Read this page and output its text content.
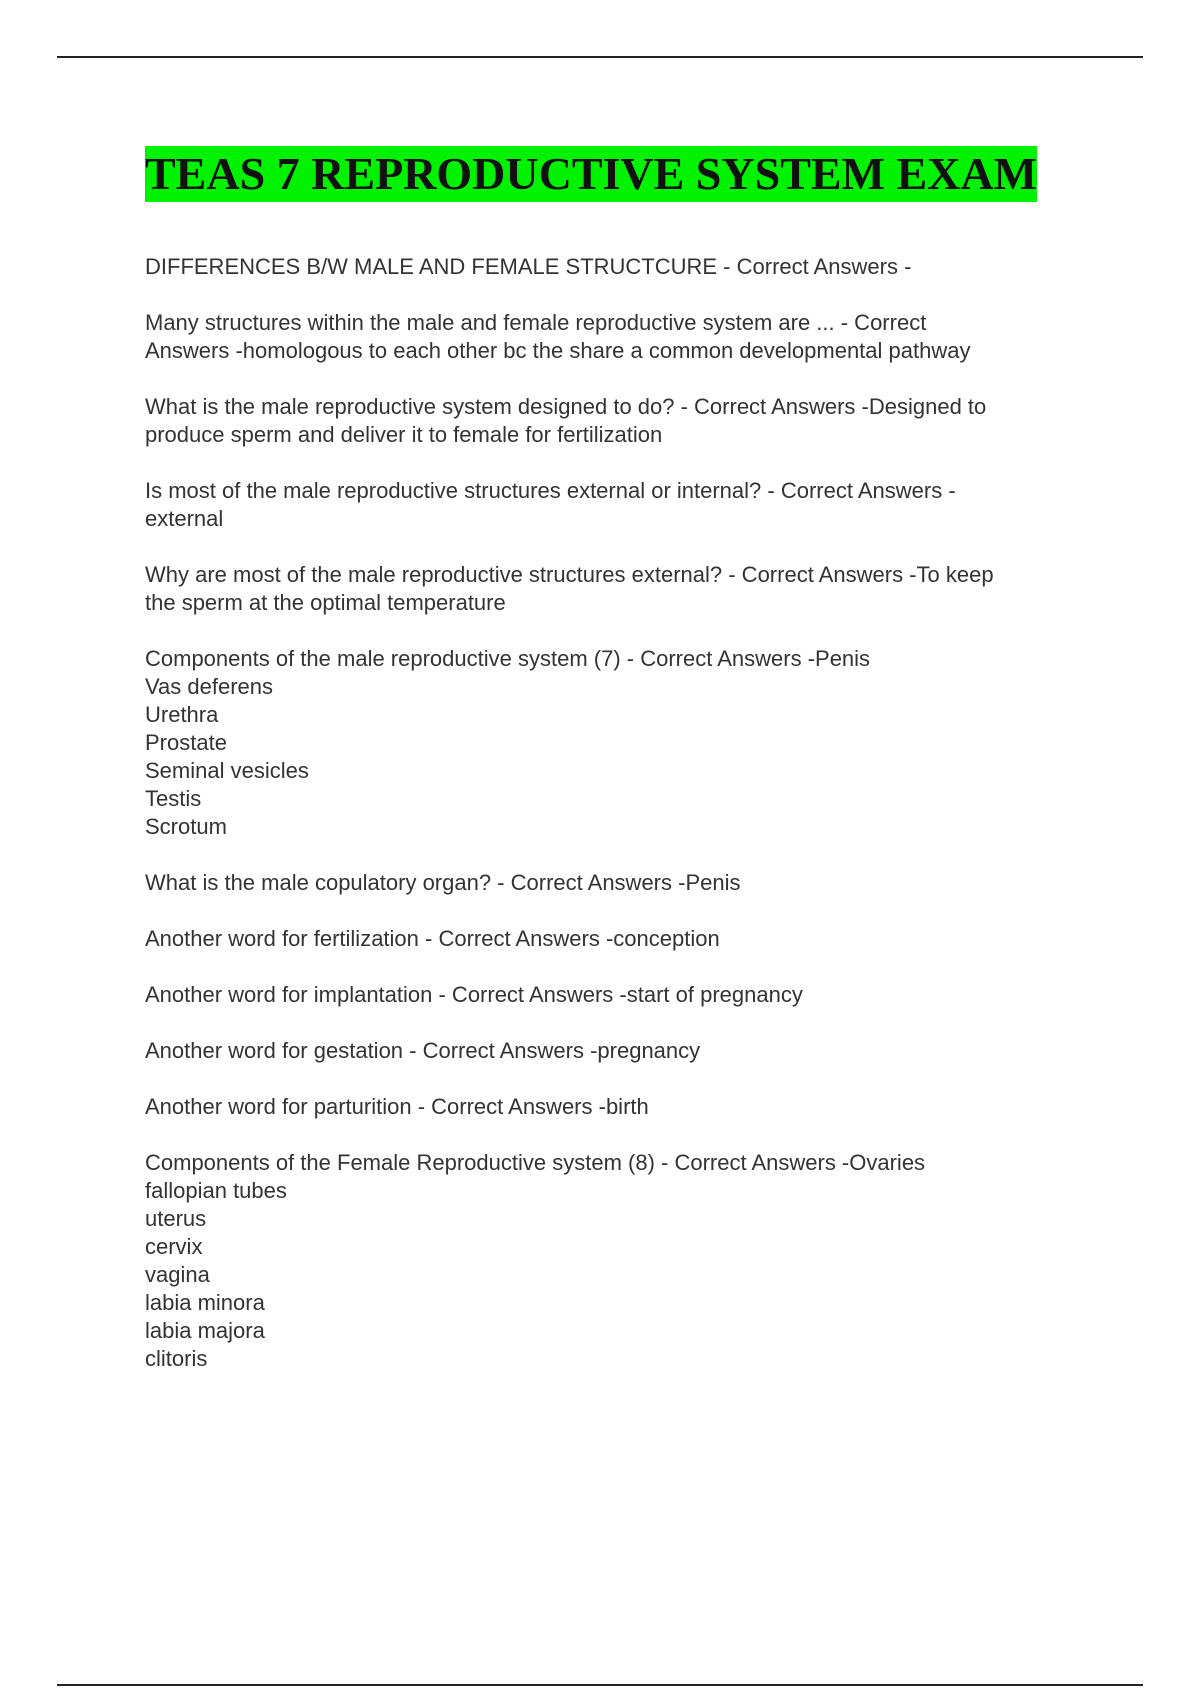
TEAS 7 REPRODUCTIVE SYSTEM EXAM

DIFFERENCES B/W MALE AND FEMALE STRUCTCURE - Correct Answers -

Many structures within the male and female reproductive system are ... - Correct
Answers -homologous to each other bc the share a common developmental pathway

What is the male reproductive system designed to do? - Correct Answers -Designed to
produce sperm and deliver it to female for fertilization

Is most of the male reproductive structures external or internal? - Correct Answers -
external

Why are most of the male reproductive structures external? - Correct Answers -To keep
the sperm at the optimal temperature

Components of the male reproductive system (7) - Correct Answers -Penis
Vas deferens
Urethra
Prostate
Seminal vesicles
Testis
Scrotum

What is the male copulatory organ? - Correct Answers -Penis

Another word for fertilization - Correct Answers -conception

Another word for implantation - Correct Answers -start of pregnancy

Another word for gestation - Correct Answers -pregnancy

Another word for parturition - Correct Answers -birth

Components of the Female Reproductive system (8) - Correct Answers -Ovaries
fallopian tubes
uterus
cervix
vagina
labia minora
labia majora
clitoris
